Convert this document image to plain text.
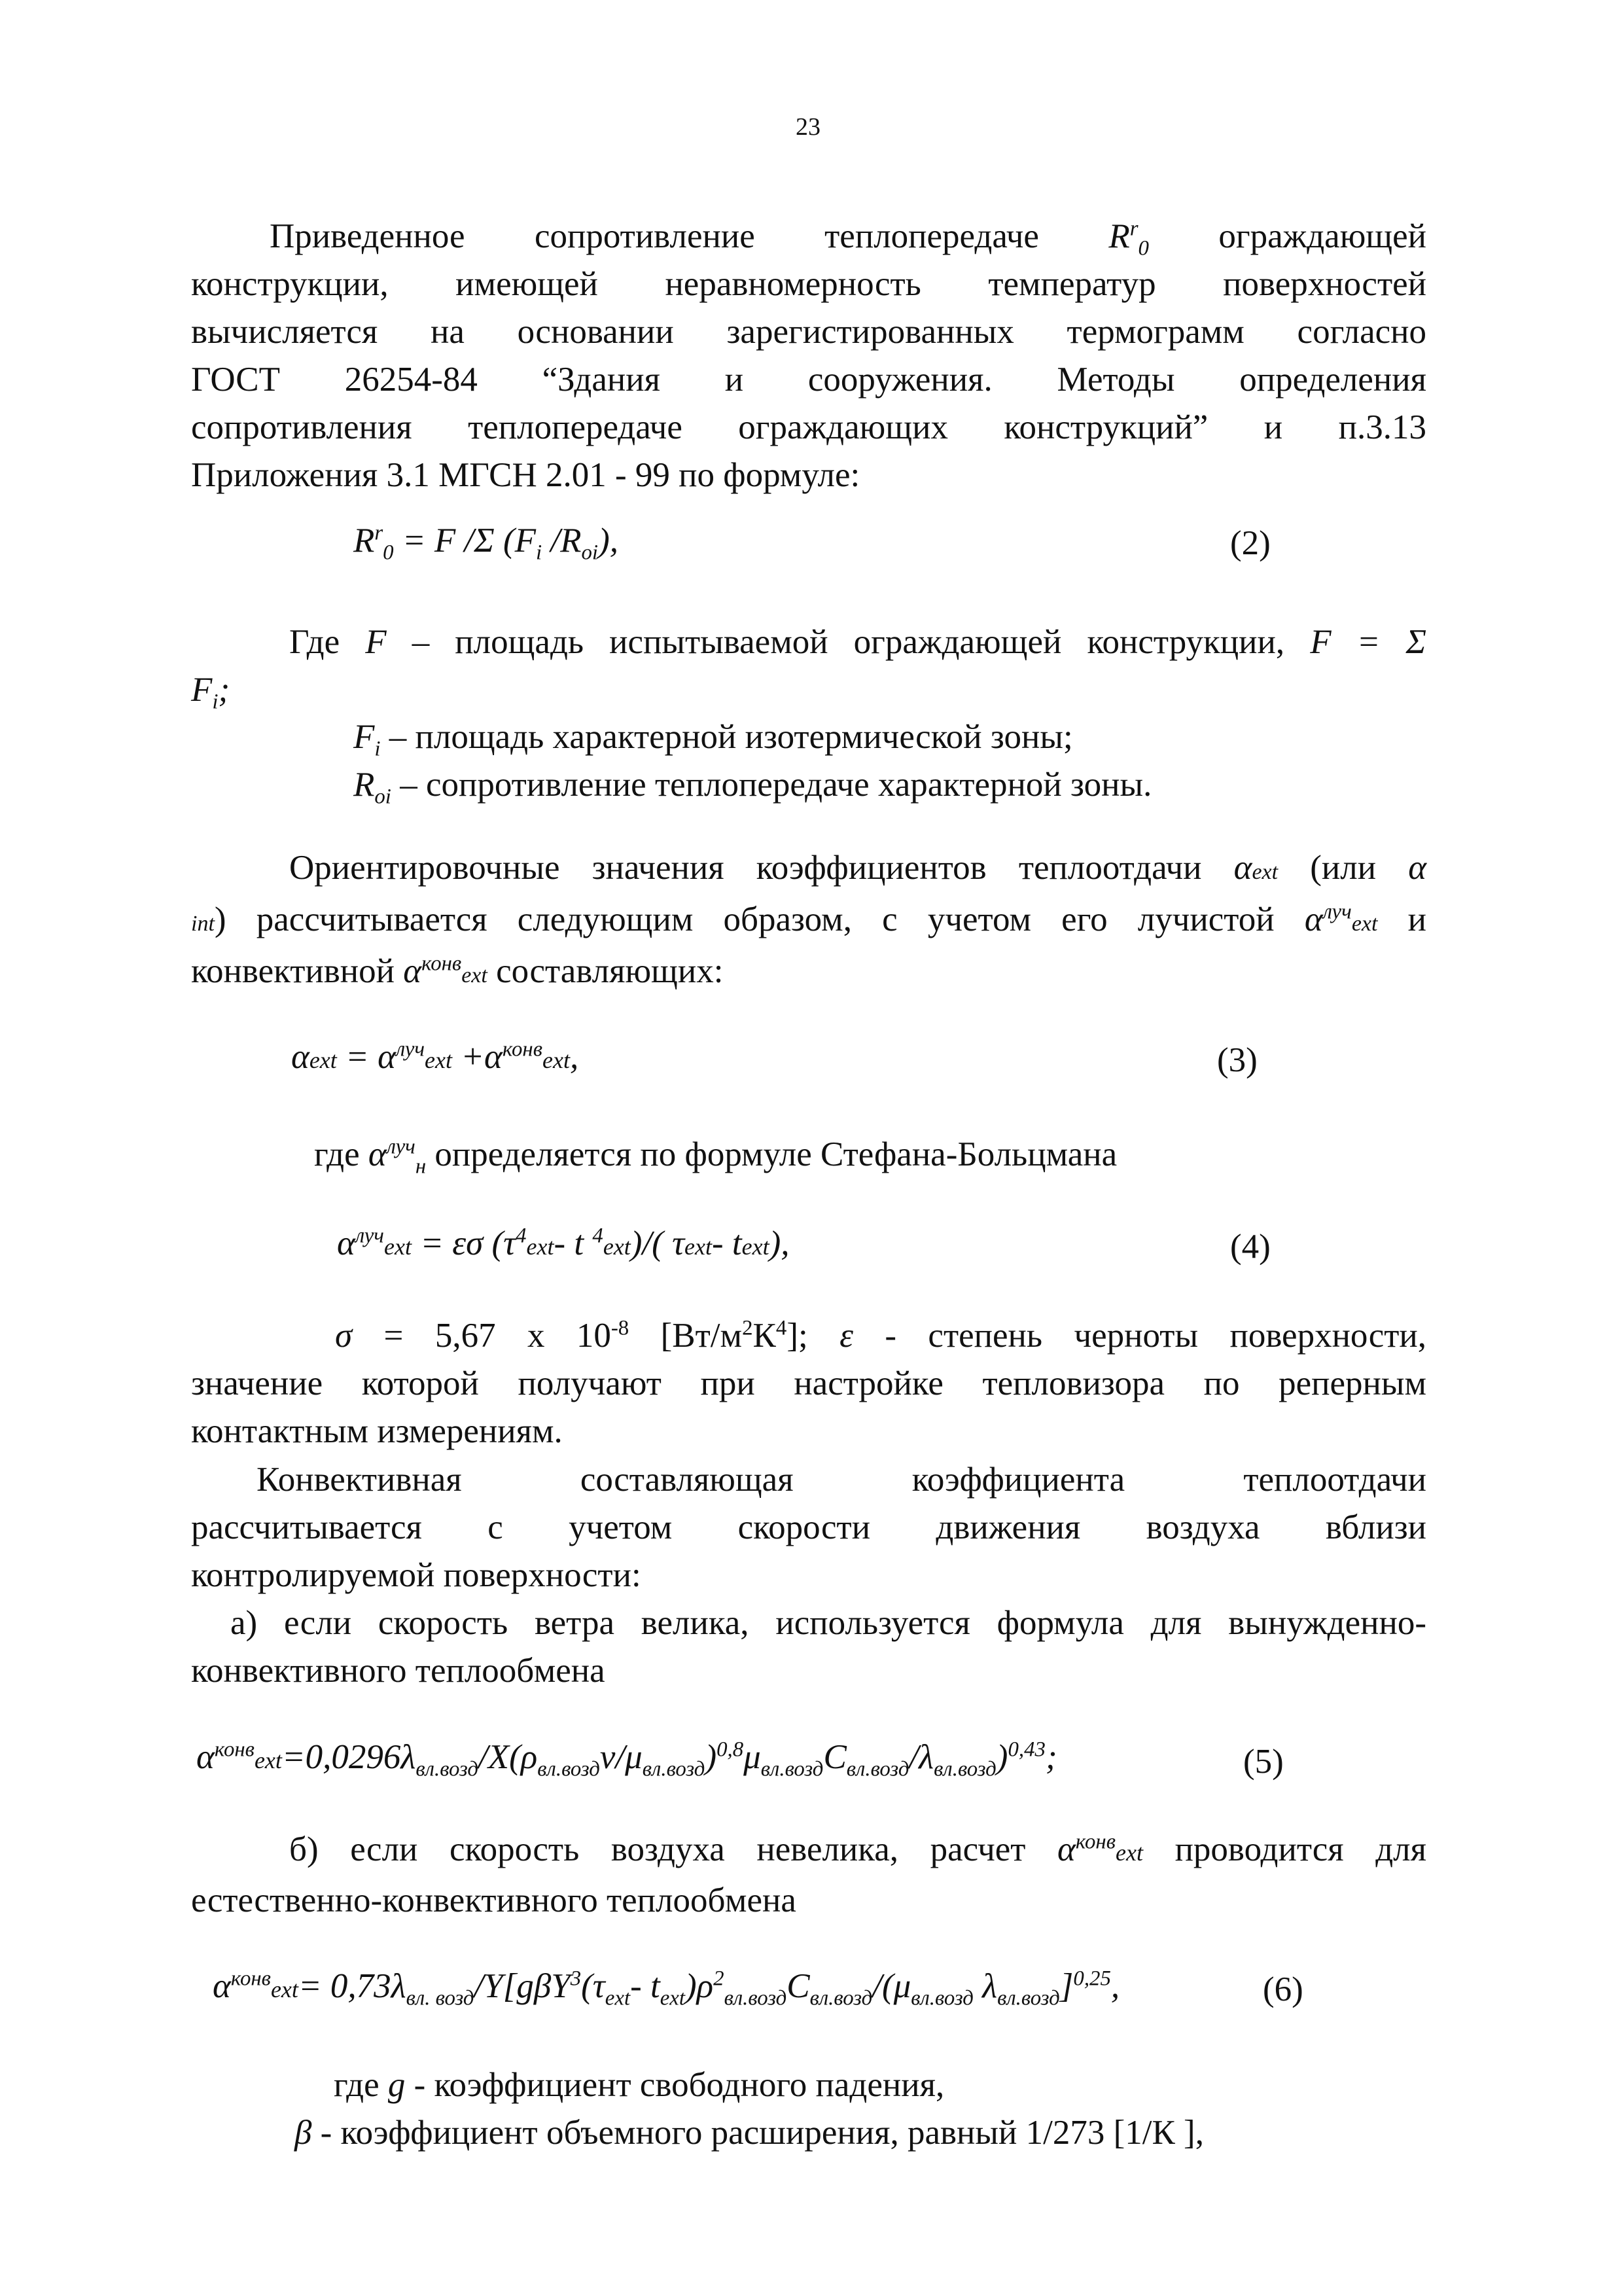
23
Приведенное сопротивление теплопередаче $R^r_0$ ограждающей
конструкции, имеющей неравномерность температур поверхностей
вычисляется на основании зарегистированных термограмм согласно
ГОСТ 26254-84 “Здания и сооружения. Методы определения
сопротивления теплопередаче ограждающих конструкций” и п.3.13
Приложения 3.1 МГСН 2.01 - 99 по формуле:
$R^r_0 = F$ /Σ ($F_i$ $/R_{oi}$),	(2)
Где F – площадь испытываемой ограждающей конструкции, F = Σ
$F_i$;
$F_i$ – площадь характерной изотермической зоны;
$R_{oi}$ – сопротивление теплопередаче характерной зоны.
Ориентировочные значения коэффициентов теплоотдачи αext (или α
int) рассчитывается следующим образом, с учетом его лучистой $\alpha^{луч}ext$ и
конвективной $\alpha^{конв}ext$ составляющих:
$\alpha ext = \alpha^{луч}ext +\alpha^{конв}ext$,	(3)
где $\alpha^{луч}_н$ определяется по формуле Стефана-Больцмана
$\alpha^{луч}ext = \varepsilon\sigma$ ($\tau^4ext-$ t $^4$ext)/( τext- text),	(4)
σ = 5,67 x $10^{-8}$ $[Вт/м^2К^4]$; ε - степень черноты поверхности,
значение которой получают при настройке тепловизора по реперным
контактным измерениям.
Конвективная составляющая коэффициента теплоотдачи
рассчитывается с учетом скорости движения воздуха вблизи
контролируемой поверхности:
а) если скорость ветра велика, используется формула для вынужденно-
конвективного теплообмена
$\alpha^{конв}ext=0,0296\lambda_{вл.возд}/X(\rho_{вл.возд}v/\mu_{вл.возд})^{0,8}\mu_{вл.возд}C_{вл.возд}/\lambda_{вл.возд})^{0,43}$;	(5)
б) если скорость воздуха невелика, расчет $\alpha^{конв}ext$ проводится для
естественно-конвективного теплообмена
$\alpha^{конв}ext= 0,73\lambda_{вл. возд}/Y[g\beta Y^3(\tau_{ext}-$ $t_{ext})\rho^2_{вл.возд}C_{вл.возд}/(\mu_{вл.возд}$ $\lambda_{вл.возд}]^{0,25}$,	(6)
где g - коэффициент свободного падения,
β - коэффициент объемного расширения, равный 1/273 [1/К ],
